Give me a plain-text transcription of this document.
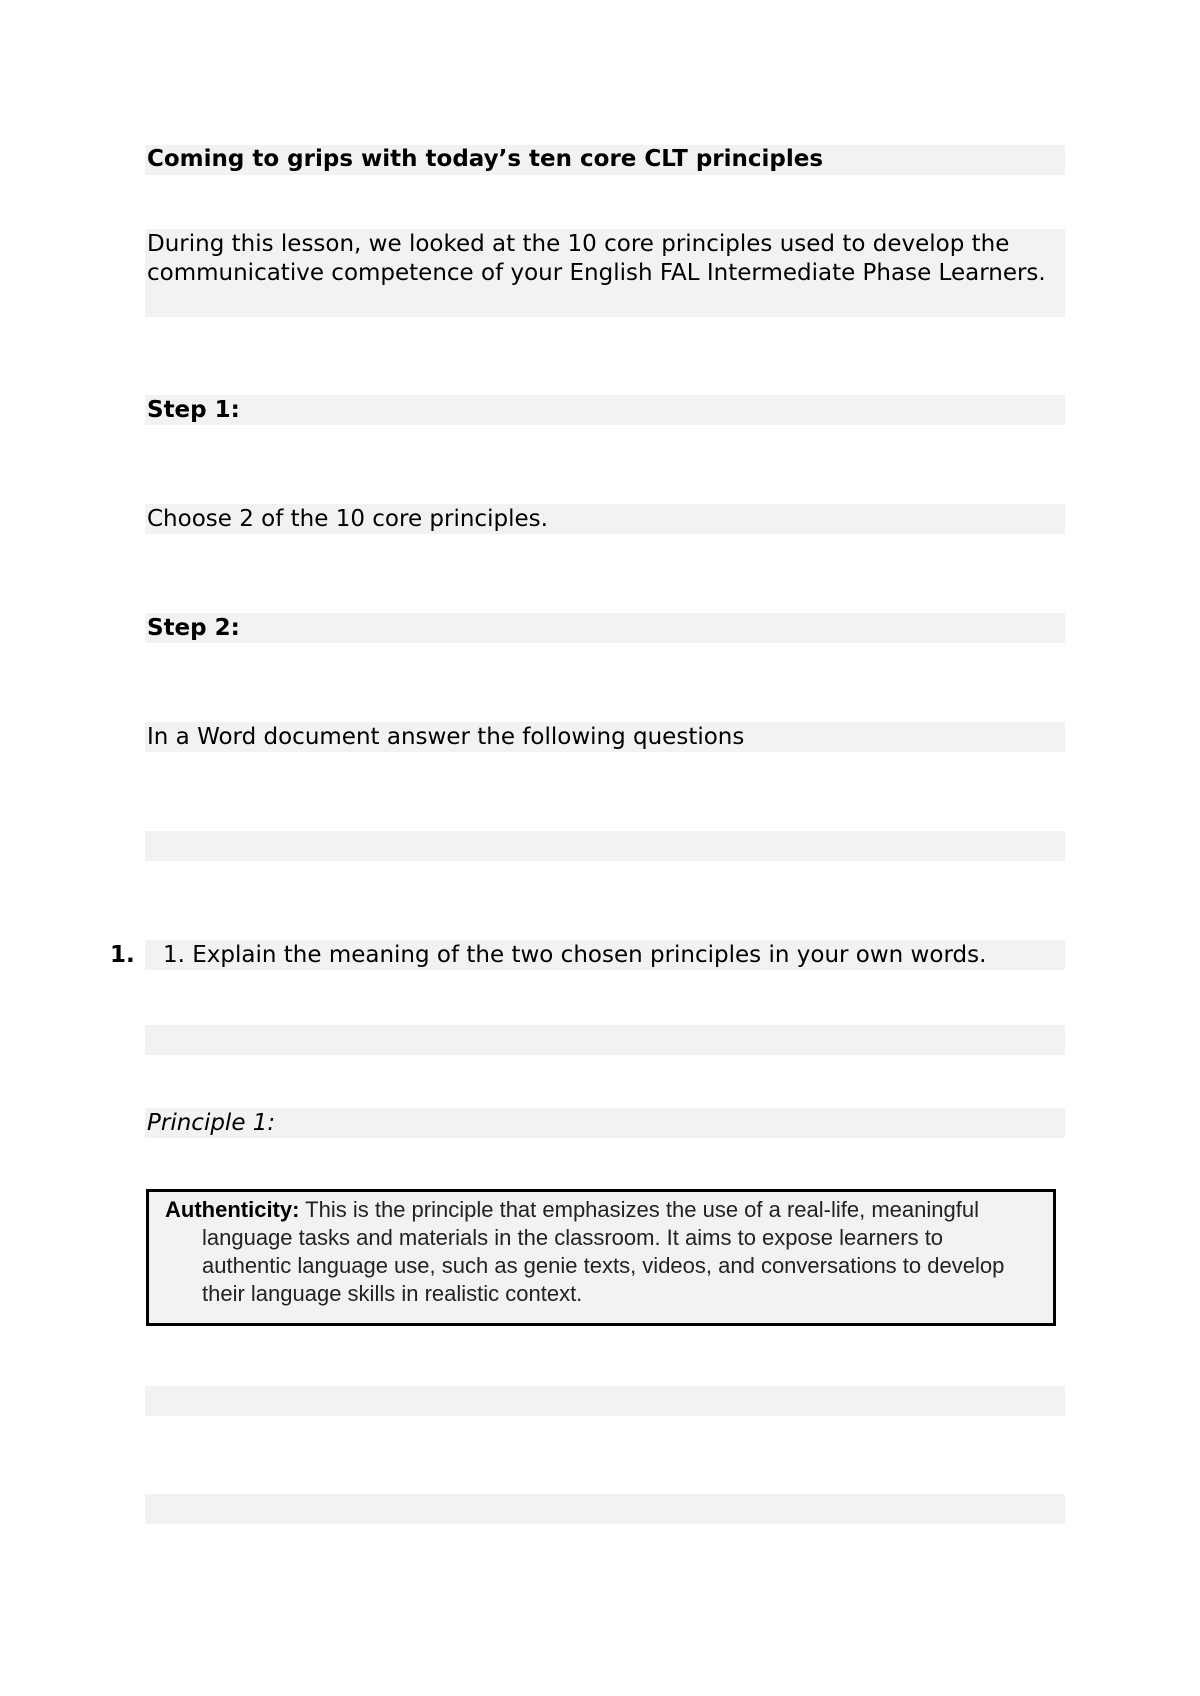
Coming to grips with today’s ten core CLT principles
During this lesson, we looked at the 10 core principles used to develop the communicative competence of your English FAL Intermediate Phase Learners.
Step 1:
Choose 2 of the 10 core principles.
Step 2:
In a Word document answer the following questions
1. 1. Explain the meaning of the two chosen principles in your own words.
Principle 1:
Authenticity: This is the principle that emphasizes the use of a real-life, meaningful language tasks and materials in the classroom. It aims to expose learners to authentic language use, such as genie texts, videos, and conversations to develop their language skills in realistic context.
